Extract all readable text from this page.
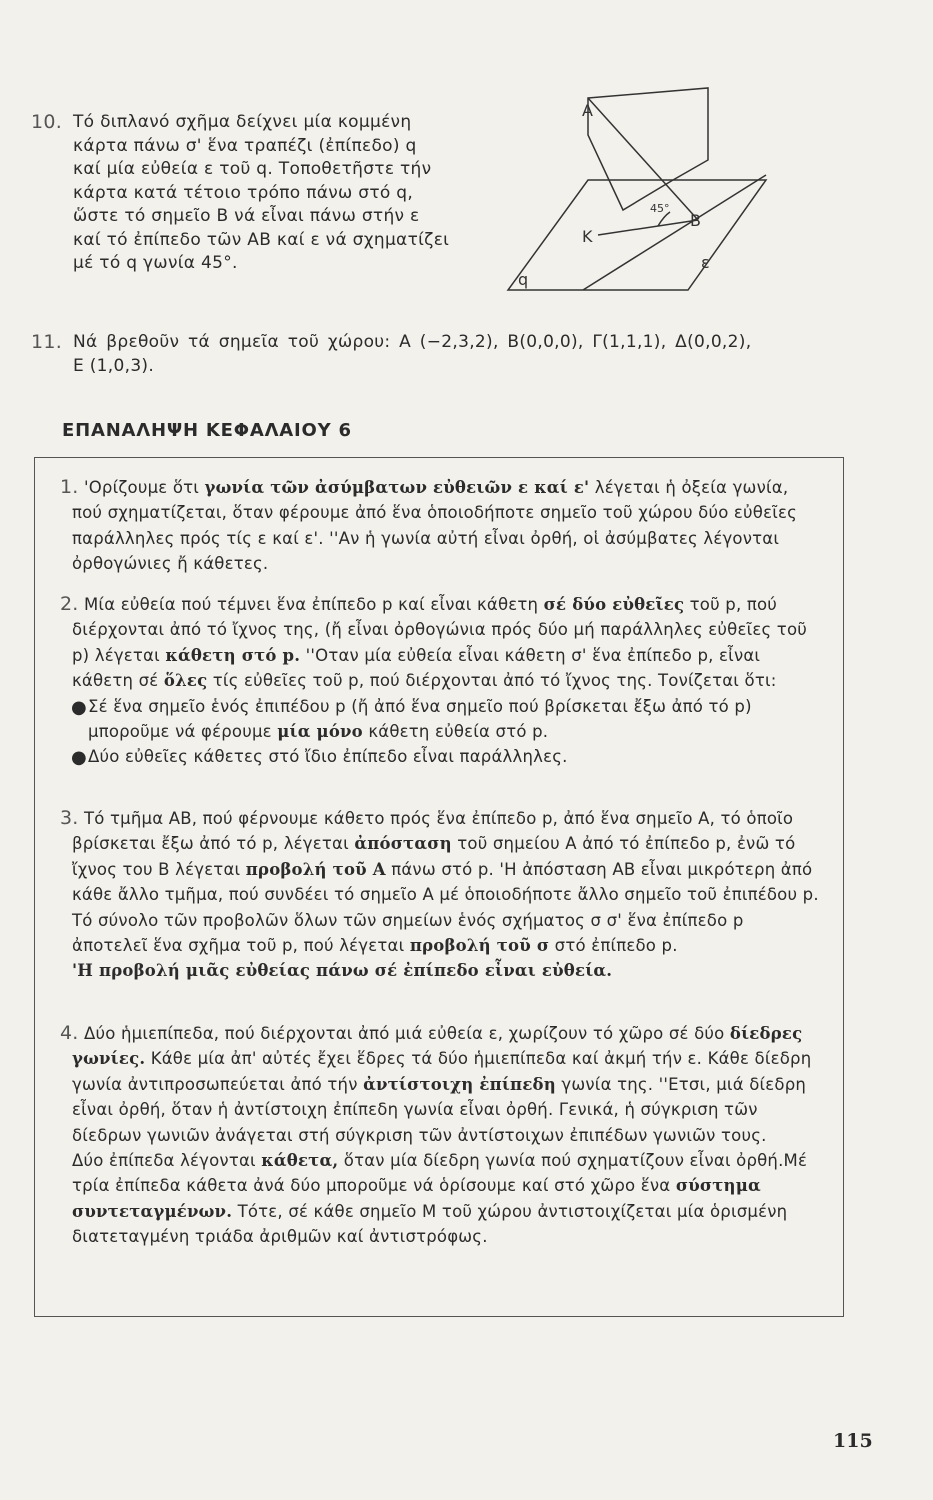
10. Τό διπλανό σχῆμα δείχνει μία κομμένη
κάρτα πάνω σ' ἕνα τραπέζι (ἐπίπεδο) q
καί μία εὐθεία ε τοῦ q. Τοποθετῆστε τήν
κάρτα κατά τέτοιο τρόπο πάνω στό q,
ὥστε τό σημεῖο Β νά εἶναι πάνω στήν ε
καί τό ἐπίπεδο τῶν ΑΒ καί ε νά σχηματίζει
μέ τό q γωνία 45°.
A
K
45°
B
ε
q
11. Νά βρεθοῦν τά σημεῖα τοῦ χώρου: Α (−2,3,2), Β(0,0,0), Γ(1,1,1), Δ(0,0,2),
Ε (1,0,3).
ΕΠΑΝΑΛΗΨΗ ΚΕΦΑΛΑΙΟΥ 6
1. 'Ορίζουμε ὅτι γωνία τῶν ἀσύμβατων εὐθειῶν ε καί ε' λέγεται ἡ ὀξεία γωνία, πού σχηματίζεται, ὅταν φέρουμε ἀπό ἕνα ὁποιοδήποτε σημεῖο τοῦ χώρου δύο εὐθεῖες παράλληλες πρός τίς ε καί ε'. ''Αν ἡ γωνία αὐτή εἶναι ὀρθή, οἱ ἀσύμβατες λέγονται ὀρθογώνιες ἤ κάθετες.

2. Μία εὐθεία πού τέμνει ἕνα ἐπίπεδο p καί εἶναι κάθετη σέ δύο εὐθεῖες τοῦ p, πού διέρχονται ἀπό τό ἴχνος της, (ἤ εἶναι ὀρθογώνια πρός δύο μή παράλληλες εὐθεῖες τοῦ p) λέγεται κάθετη στό p. ''Οταν μία εὐθεία εἶναι κάθετη σ' ἕνα ἐπίπεδο p, εἶναι κάθετη σέ ὅλες τίς εὐθεῖες τοῦ p, πού διέρχονται ἀπό τό ἴχνος της. Τονίζεται ὅτι:

● Σέ ἕνα σημεῖο ἑνός ἐπιπέδου p (ἤ ἀπό ἕνα σημεῖο πού βρίσκεται ἔξω ἀπό τό p) μποροῦμε νά φέρουμε μία μόνο κάθετη εὐθεία στό p.

● Δύο εὐθεῖες κάθετες στό ἴδιο ἐπίπεδο εἶναι παράλληλες.

3. Τό τμῆμα ΑΒ, πού φέρνουμε κάθετο πρός ἕνα ἐπίπεδο p, ἀπό ἕνα σημεῖο Α, τό ὁποῖο βρίσκεται ἔξω ἀπό τό p, λέγεται ἀπόσταση τοῦ σημείου Α ἀπό τό ἐπίπεδο p, ἐνῶ τό ἴχνος του Β λέγεται προβολή τοῦ Α πάνω στό p. 'Η ἀπόσταση ΑΒ εἶναι μικρότερη ἀπό κάθε ἄλλο τμῆμα, πού συνδέει τό σημεῖο Α μέ ὁποιοδήποτε ἄλλο σημεῖο τοῦ ἐπιπέδου p.

Τό σύνολο τῶν προβολῶν ὅλων τῶν σημείων ἑνός σχήματος σ σ' ἕνα ἐπίπεδο p ἀποτελεῖ ἕνα σχῆμα τοῦ p, πού λέγεται προβολή τοῦ σ στό ἐπίπεδο p.

'Η προβολή μιᾶς εὐθείας πάνω σέ ἐπίπεδο εἶναι εὐθεία.

4. Δύο ἡμιεπίπεδα, πού διέρχονται ἀπό μιά εὐθεία ε, χωρίζουν τό χῶρο σέ δύο δίεδρες γωνίες. Κάθε μία ἀπ' αὐτές ἔχει ἕδρες τά δύο ἡμιεπίπεδα καί ἀκμή τήν ε. Κάθε δίεδρη γωνία ἀντιπροσωπεύεται ἀπό τήν ἀντίστοιχη ἐπίπεδη γωνία της. ''Ετσι, μιά δίεδρη εἶναι ὀρθή, ὅταν ἡ ἀντίστοιχη ἐπίπεδη γωνία εἶναι ὀρθή. Γενικά, ἡ σύγκριση τῶν δίεδρων γωνιῶν ἀνάγεται στή σύγκριση τῶν ἀντίστοιχων ἐπιπέδων γωνιῶν τους.

Δύο ἐπίπεδα λέγονται κάθετα, ὅταν μία δίεδρη γωνία πού σχηματίζουν εἶναι ὀρθή.Μέ τρία ἐπίπεδα κάθετα ἀνά δύο μποροῦμε νά ὁρίσουμε καί στό χῶρο ἕνα σύστημα συντεταγμένων. Τότε, σέ κάθε σημεῖο Μ τοῦ χώρου ἀντιστοιχίζεται μία ὁρισμένη διατεταγμένη τριάδα ἀριθμῶν καί ἀντιστρόφως.

115
